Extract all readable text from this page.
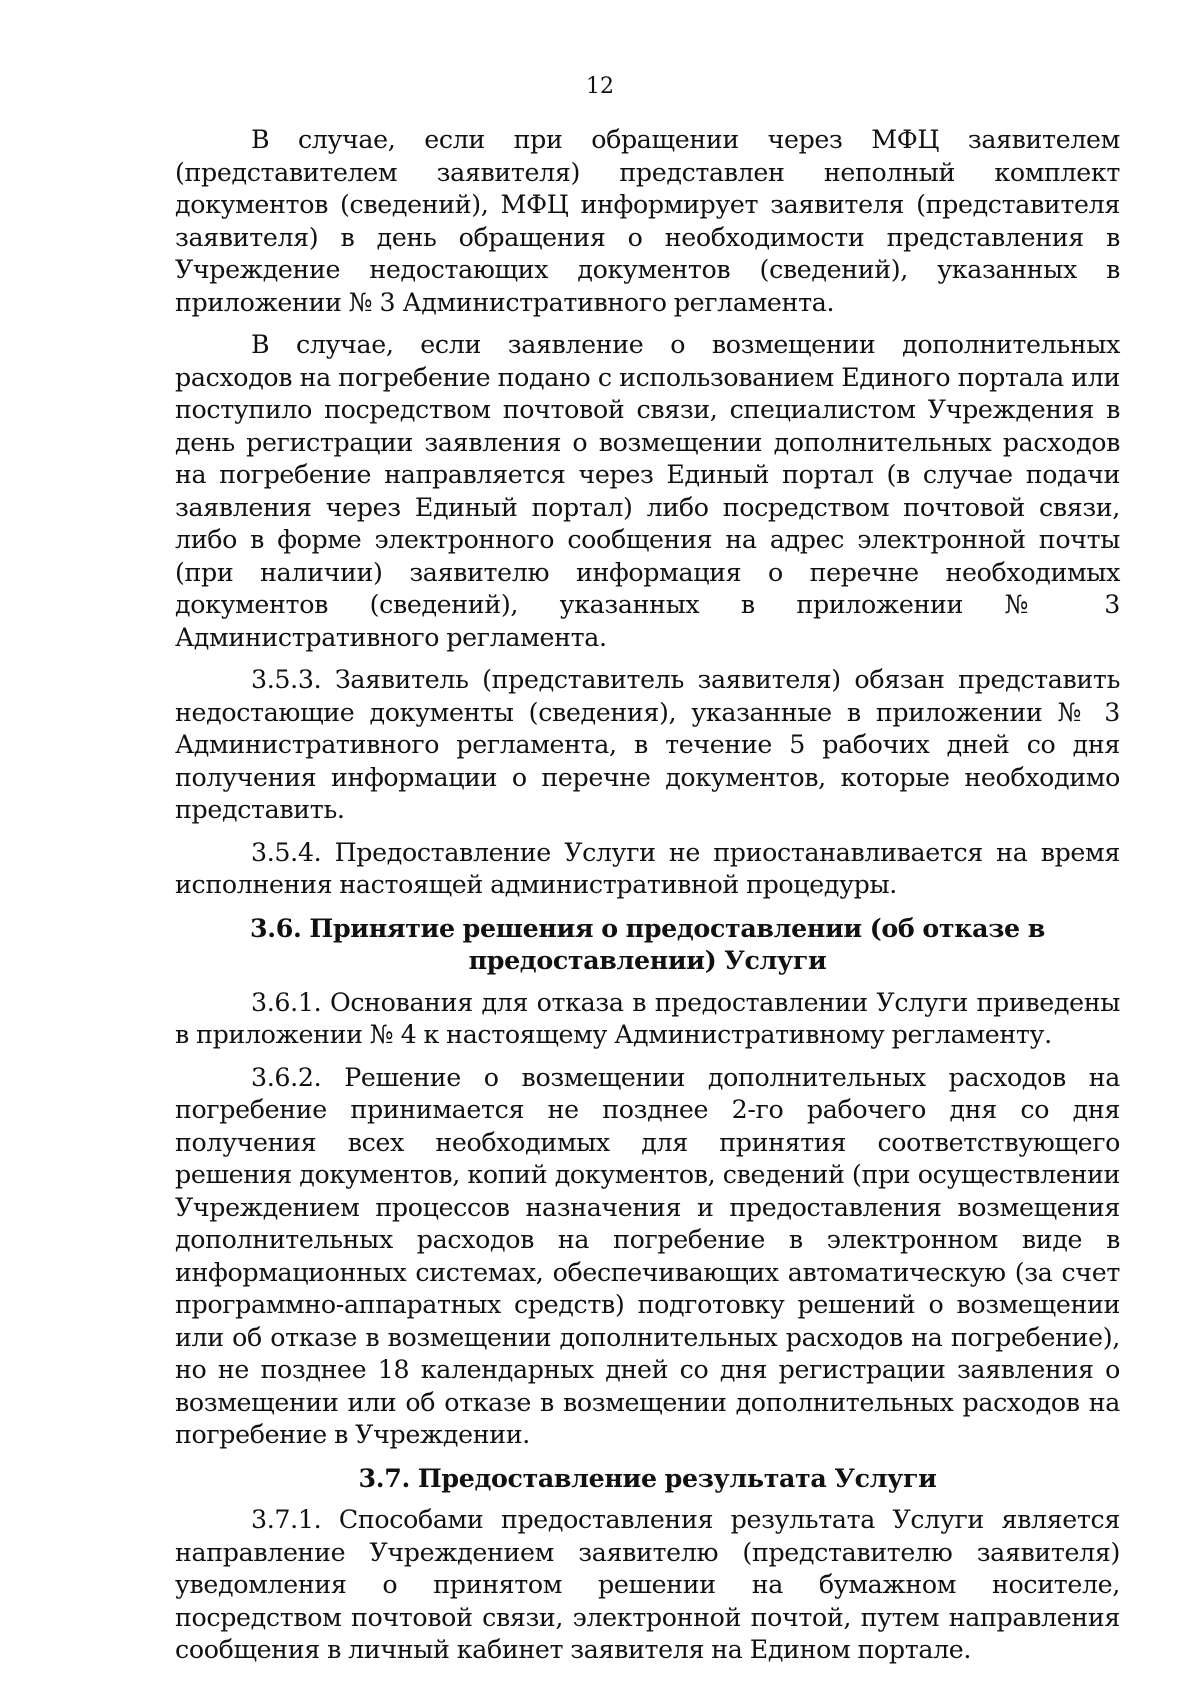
12

В случае, если при обращении через МФЦ заявителем (представителем заявителя) представлен неполный комплект документов (сведений), МФЦ информирует заявителя (представителя заявителя) в день обращения о необходимости представления в Учреждение недостающих документов (сведений), указанных в приложении № 3 Административного регламента.

В случае, если заявление о возмещении дополнительных расходов на погребение подано с использованием Единого портала или поступило посредством почтовой связи, специалистом Учреждения в день регистрации заявления о возмещении дополнительных расходов на погребение направляется через Единый портал (в случае подачи заявления через Единый портал) либо посредством почтовой связи, либо в форме электронного сообщения на адрес электронной почты (при наличии) заявителю информация о перечне необходимых документов (сведений), указанных в приложении № 3 Административного регламента.

3.5.3. Заявитель (представитель заявителя) обязан представить недостающие документы (сведения), указанные в приложении № 3 Административного регламента, в течение 5 рабочих дней со дня получения информации о перечне документов, которые необходимо представить.

3.5.4. Предоставление Услуги не приостанавливается на время исполнения настоящей административной процедуры.

3.6. Принятие решения о предоставлении (об отказе в предоставлении) Услуги

3.6.1. Основания для отказа в предоставлении Услуги приведены в приложении № 4 к настоящему Административному регламенту.

3.6.2. Решение о возмещении дополнительных расходов на погребение принимается не позднее 2-го рабочего дня со дня получения всех необходимых для принятия соответствующего решения документов, копий документов, сведений (при осуществлении Учреждением процессов назначения и предоставления возмещения дополнительных расходов на погребение в электронном виде в информационных системах, обеспечивающих автоматическую (за счет программно-аппаратных средств) подготовку решений о возмещении или об отказе в возмещении дополнительных расходов на погребение), но не позднее 18 календарных дней со дня регистрации заявления о возмещении или об отказе в возмещении дополнительных расходов на погребение в Учреждении.

3.7. Предоставление результата Услуги

3.7.1. Способами предоставления результата Услуги является направление Учреждением заявителю (представителю заявителя) уведомления о принятом решении на бумажном носителе, посредством почтовой связи, электронной почтой, путем направления сообщения в личный кабинет заявителя на Едином портале.
